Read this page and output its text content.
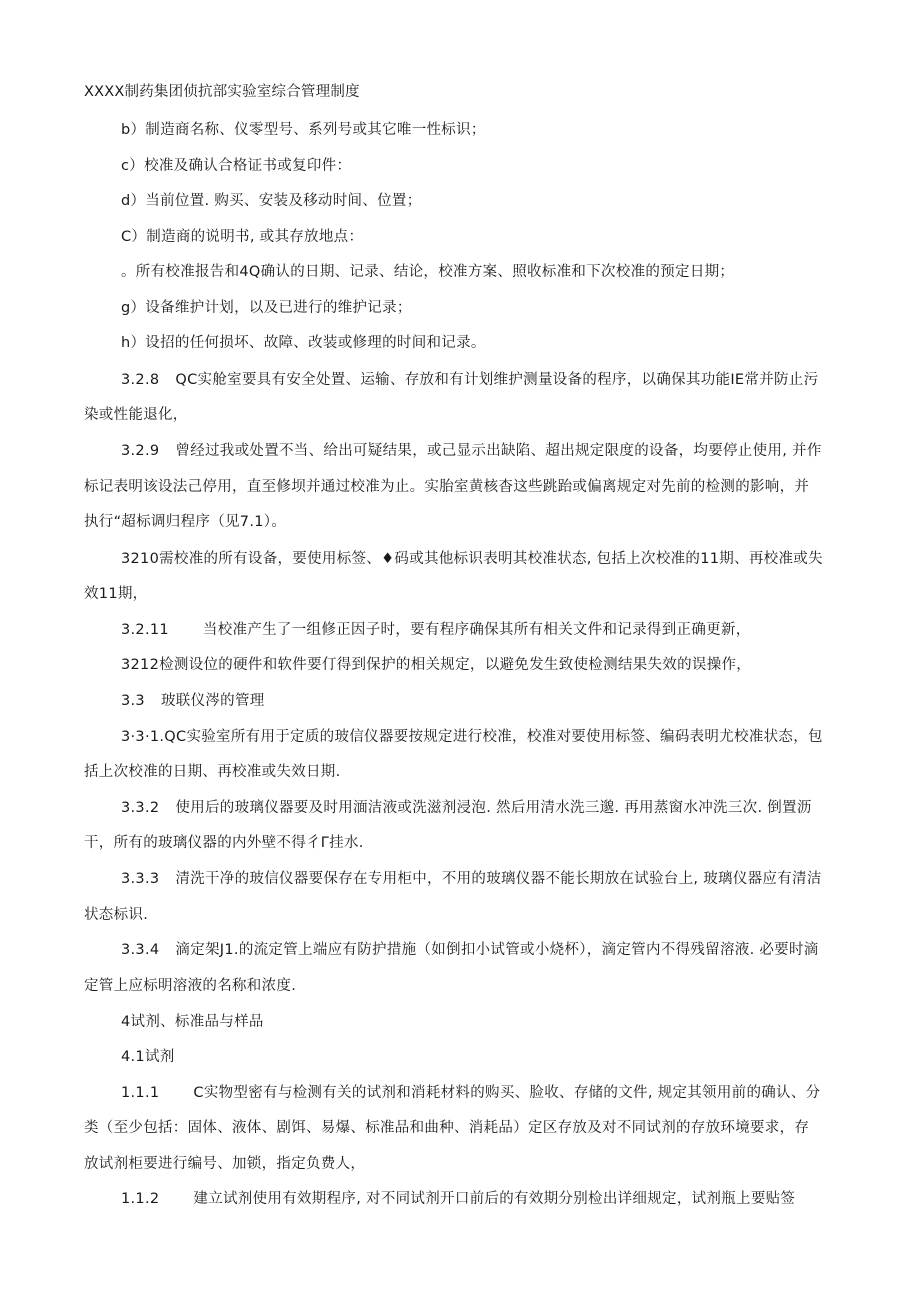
XXXX制药集团侦抗部实验室综合管理制度
b）制造商名称、仪零型号、系列号或其它唯一性标识；
c）校准及确认合格证书或复印件：
d）当前位置. 购买、安装及移动时间、位置；
C）制造商的说明书, 或其存放地点：
。所有校准报告和4Q确认的日期、记录、结论，校准方案、照收标准和下次校准的预定日期；
g）设备维护计划，以及已进行的维护记录；
h）设招的任何损坏、故障、改装或修理的时间和记录。
3.2.8 QC实舱室要具有安全处置、运输、存放和有计划维护测量设备的程序，以确保其功能IE常并防止污
染或性能退化，
3.2.9 曾经过我或处置不当、给出可疑结果，或己显示出缺陷、超出规定限度的设备，均要停止使用, 并作
标记表明该设法己停用，直至修坝并通过校准为止。实胎室黄核杳这些跳跆或偏离规定对先前的检测的影响，并
执行“超标调归程序（见7.1）。
3210需校准的所有设备，要使用标签、♦码或其他标识表明其校准状态, 包括上次校准的11期、再校准或失
效11期，
3.2.11 当校准产生了一组修正因子时，要有程序确保其所有相关文件和记录得到正确更新，
3212检测设位的硬件和软件要仃得到保护的相关规定，以避免发生致使检测结果失效的误操作，
3.3 玻联仪涔的管理
3·3·1.QC实验室所有用于定质的玻信仪器要按规定进行校准，校准对要使用标签、编码表明尤校准状态，包
括上次校准的日期、再校准或失效日期.
3.3.2 使用后的玻璃仪器要及时用湎洁液或洗滋剂浸泡. 然后用清水洗三邈. 再用蒸窗水冲洗三次. 倒置沥
干，所有的玻璃仪器的内外壁不得彳Γ挂水.
3.3.3 清洗干净的玻信仪器要保存在专用柜中，不用的玻璃仪器不能长期放在试验台上, 玻璃仪器应有清洁
状态标识.
3.3.4 滴定架J1.的流定管上端应有防护措施（如倒扣小试管或小烧杯），滴定管内不得残留溶液. 必要时滴
定管上应标明溶液的名称和浓度.
4试剂、标准品与样品
4.1试剂
1.1.1 C实物型密有与检测有关的试剂和消耗材料的购买、脸收、存储的文件, 规定其领用前的确认、分
类（至少包括：固体、液体、剧饵、易爆、标准品和曲种、消耗品）定区存放及对不同试剂的存放环境要求，存
放试剂柜要进行编号、加锁，指定负费人，
1.1.2 建立试剂使用有效期程序, 对不同试剂开口前后的有效期分别检出详细规定，试剂瓶上要贴签
